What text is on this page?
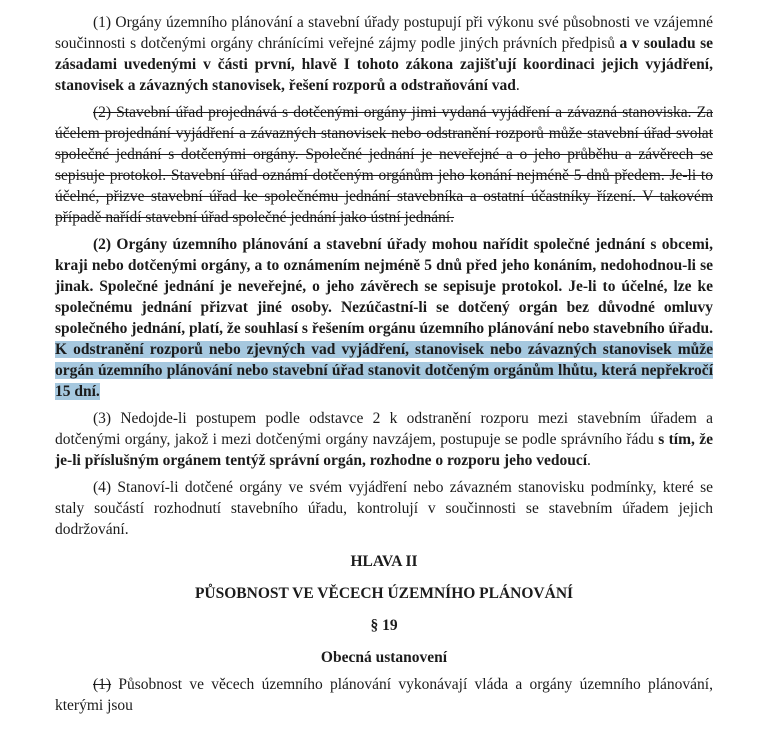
(1) Orgány územního plánování a stavební úřady postupují při výkonu své působnosti ve vzájemné součinnosti s dotčenými orgány chránícími veřejné zájmy podle jiných právních předpisů a v souladu se zásadami uvedenými v části první, hlavě I tohoto zákona zajišťují koordinaci jejich vyjádření, stanovisek a závazných stanovisek, řešení rozporů a odstraňování vad.

(2) Stavební úřad projednává s dotčenými orgány jimi vydaná vyjádření a závazná stanoviska. Za účelem projednání vyjádření a závazných stanovisek nebo odstranění rozporů může stavební úřad svolat společné jednání s dotčenými orgány. Společné jednání je neveřejné a o jeho průběhu a závěrech se sepisuje protokol. Stavební úřad oznámí dotčeným orgánům jeho konání nejméně 5 dnů předem. Je-li to účelné, přizve stavební úřad ke společnému jednání stavebníka a ostatní účastníky řízení. V takovém případě nařídí stavební úřad společné jednání jako ústní jednání.

(2) Orgány územního plánování a stavební úřady mohou nařídit společné jednání s obcemi, kraji nebo dotčenými orgány, a to oznámením nejméně 5 dnů před jeho konáním, nedohodnou-li se jinak. Společné jednání je neveřejné, o jeho závěrech se sepisuje protokol. Je-li to účelné, lze ke společnému jednání přizvat jiné osoby. Nezúčastní-li se dotčený orgán bez důvodné omluvy společného jednání, platí, že souhlasí s řešením orgánu územního plánování nebo stavebního úřadu. K odstranění rozporů nebo zjevných vad vyjádření, stanovisek nebo závazných stanovisek může orgán územního plánování nebo stavební úřad stanovit dotčeným orgánům lhůtu, která nepřekročí 15 dní.

(3) Nedojde-li postupem podle odstavce 2 k odstranění rozporu mezi stavebním úřadem a dotčenými orgány, jakož i mezi dotčenými orgány navzájem, postupuje se podle správního řádu s tím, že je-li příslušným orgánem tentýž správní orgán, rozhodne o rozporu jeho vedoucí.

(4) Stanoví-li dotčené orgány ve svém vyjádření nebo závazném stanovisku podmínky, které se staly součástí rozhodnutí stavebního úřadu, kontrolují v součinnosti se stavebním úřadem jejich dodržování.

HLAVA II

PŮSOBNOST VE VĚCECH ÚZEMNÍHO PLÁNOVÁNÍ

§ 19

Obecná ustanovení

(1) Působnost ve věcech územního plánování vykonávají vláda a orgány územního plánování, kterými jsou
